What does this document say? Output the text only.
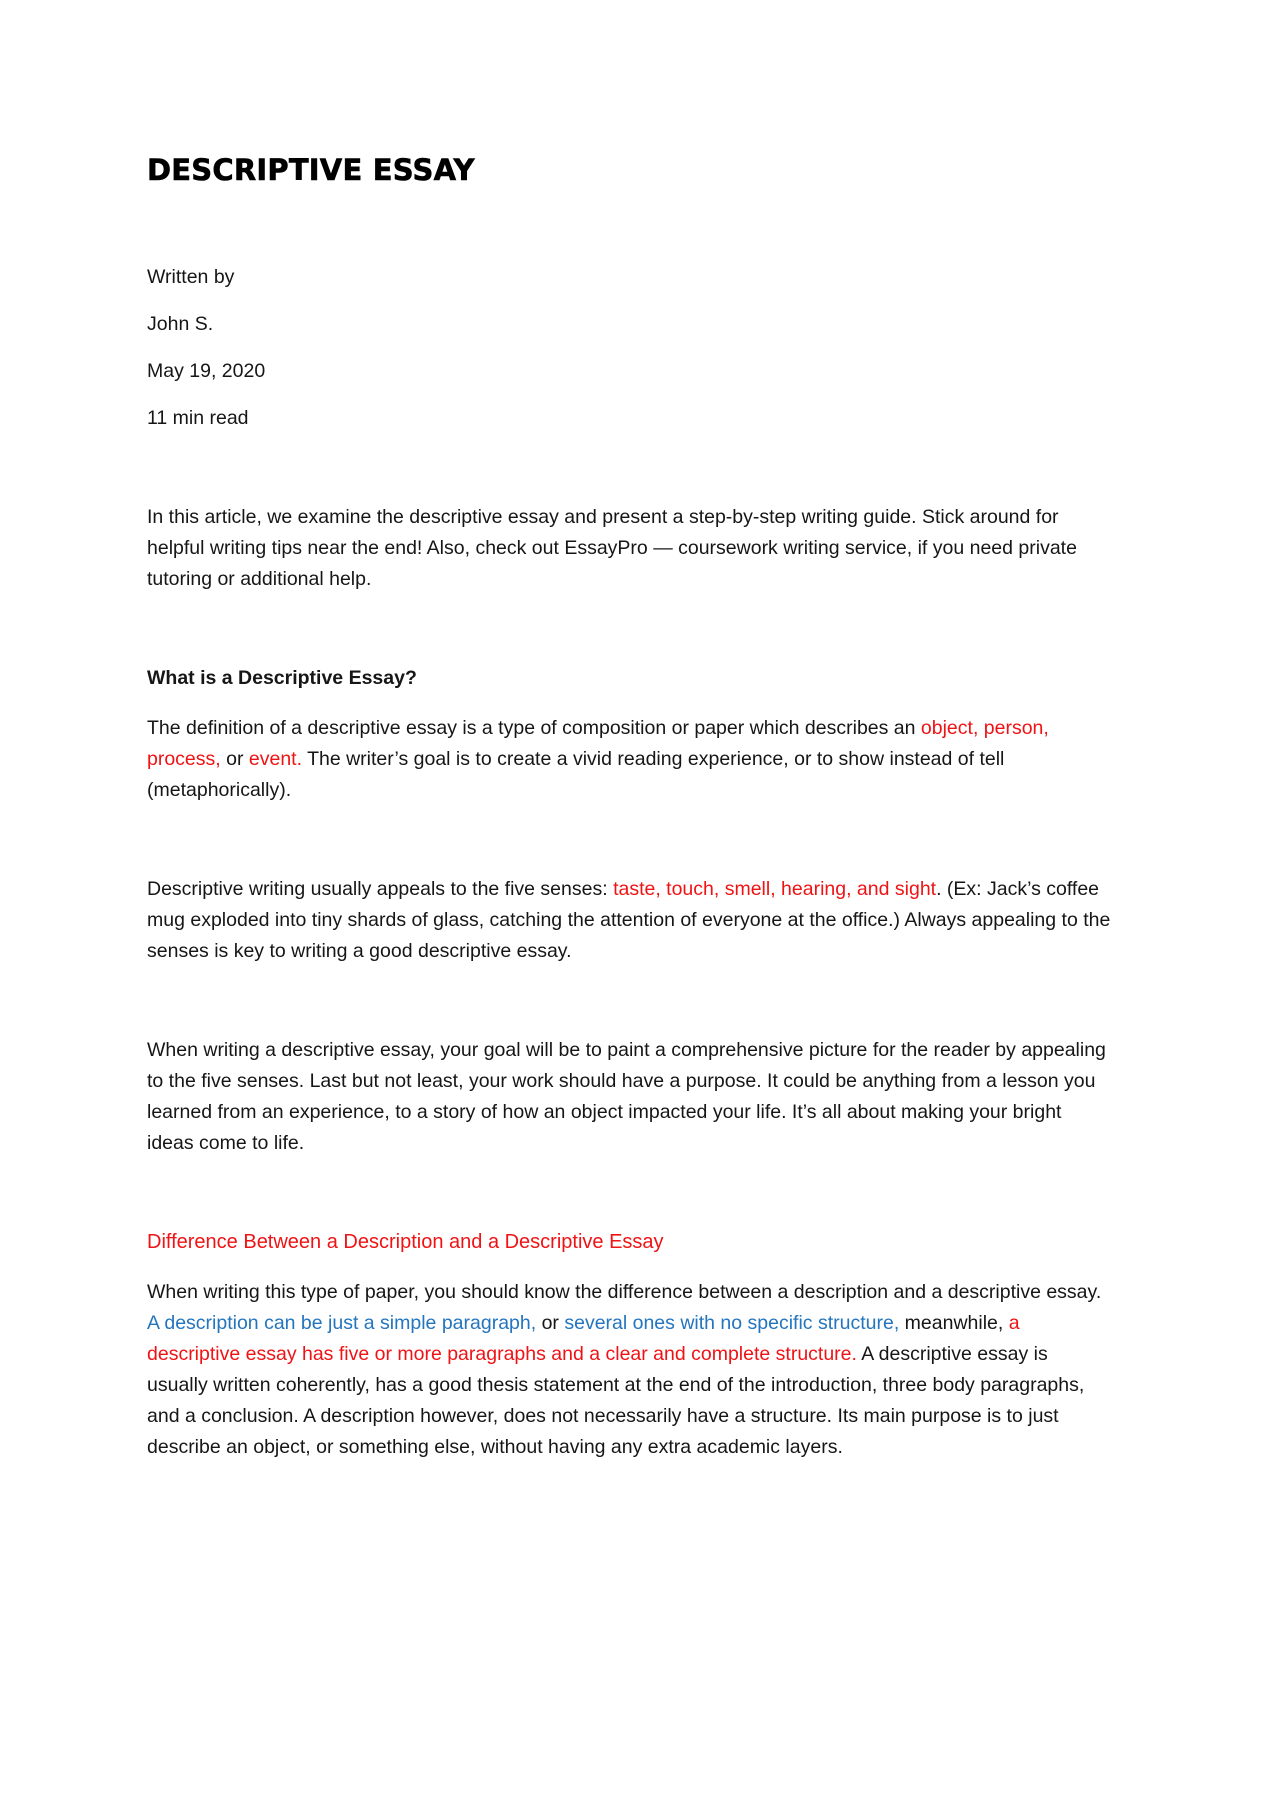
DESCRIPTIVE ESSAY

Written by

John S.

May 19, 2020

11 min read

In this article, we examine the descriptive essay and present a step-by-step writing guide. Stick around for helpful writing tips near the end! Also, check out EssayPro — coursework writing service, if you need private tutoring or additional help.

What is a Descriptive Essay?

The definition of a descriptive essay is a type of composition or paper which describes an object, person, process, or event. The writer’s goal is to create a vivid reading experience, or to show instead of tell (metaphorically).

Descriptive writing usually appeals to the five senses: taste, touch, smell, hearing, and sight. (Ex: Jack’s coffee mug exploded into tiny shards of glass, catching the attention of everyone at the office.) Always appealing to the senses is key to writing a good descriptive essay.

When writing a descriptive essay, your goal will be to paint a comprehensive picture for the reader by appealing to the five senses. Last but not least, your work should have a purpose. It could be anything from a lesson you learned from an experience, to a story of how an object impacted your life. It’s all about making your bright ideas come to life.

Difference Between a Description and a Descriptive Essay

When writing this type of paper, you should know the difference between a description and a descriptive essay. A description can be just a simple paragraph, or several ones with no specific structure, meanwhile, a descriptive essay has five or more paragraphs and a clear and complete structure. A descriptive essay is usually written coherently, has a good thesis statement at the end of the introduction, three body paragraphs, and a conclusion. A description however, does not necessarily have a structure. Its main purpose is to just describe an object, or something else, without having any extra academic layers.
